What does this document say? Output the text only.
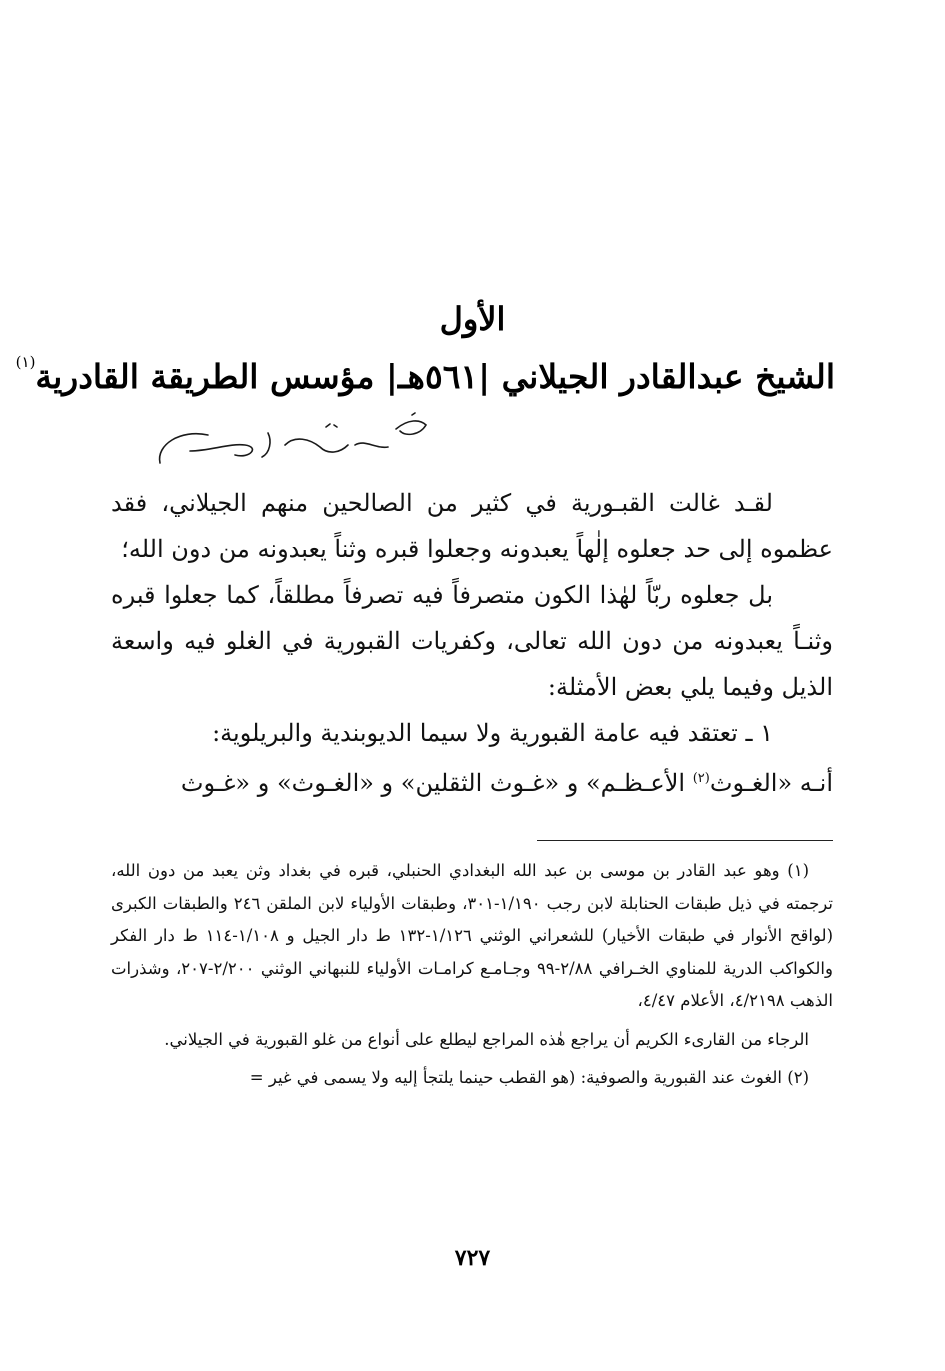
الأول
الشيخ عبدالقادر الجيلاني |٥٦١هـ| مؤسس الطريقة القادرية$^{(١)}$

لقـد غالت القبـورية في كثير من الصالحين منهم الجيلاني، فقد عظموه إلى حد جعلوه إلٰهاً يعبدونه وجعلوا قبره وثناً يعبدونه من دون الله؛

بل جعلوه ربّاً لهٰذا الكون متصرفاً فيه تصرفاً مطلقاً، كما جعلوا قبره وثنـاً يعبدونه من دون الله تعالى، وكفريات القبورية في الغلو فيه واسعة الذيل وفيما يلي بعض الأمثلة:

١ ـ تعتقد فيه عامة القبورية ولا سيما الديوبندية والبريلوية:

أنـه «الغـوث$^{(٢)}$ الأعـظـم» و «غـوث الثقلين» و «الغـوث» و «غـوث

(١) وهو عبد القادر بن موسى بن عبد الله البغدادي الحنبلي، قبره في بغداد وثن يعبد من دون الله، ترجمته في ذيل طبقات الحنابلة لابن رجب ١/١٩٠-٣٠١، وطبقات الأولياء لابن الملقن ٢٤٦ والطبقات الكبرى (لواقح الأنوار في طبقات الأخيار) للشعراني الوثني ١/١٢٦-١٣٢ ط دار الجيل و ١/١٠٨-١١٤ ط دار الفكر والكواكب الدرية للمناوي الخـرافي ٢/٨٨-٩٩ وجـامـع كرامـات الأولياء للنبهاني الوثني ٢/٢٠٠-٢٠٧، وشذرات الذهب ٤/٢١٩٨، الأعلام ٤/٤٧،

الرجاء من القارىء الكريم أن يراجع هٰذه المراجع ليطلع على أنواع من غلو القبورية في الجيلاني.

(٢) الغوث عند القبورية والصوفية: (هو القطب حينما يلتجأ إليه ولا يسمى في غير =

٧٢٧
